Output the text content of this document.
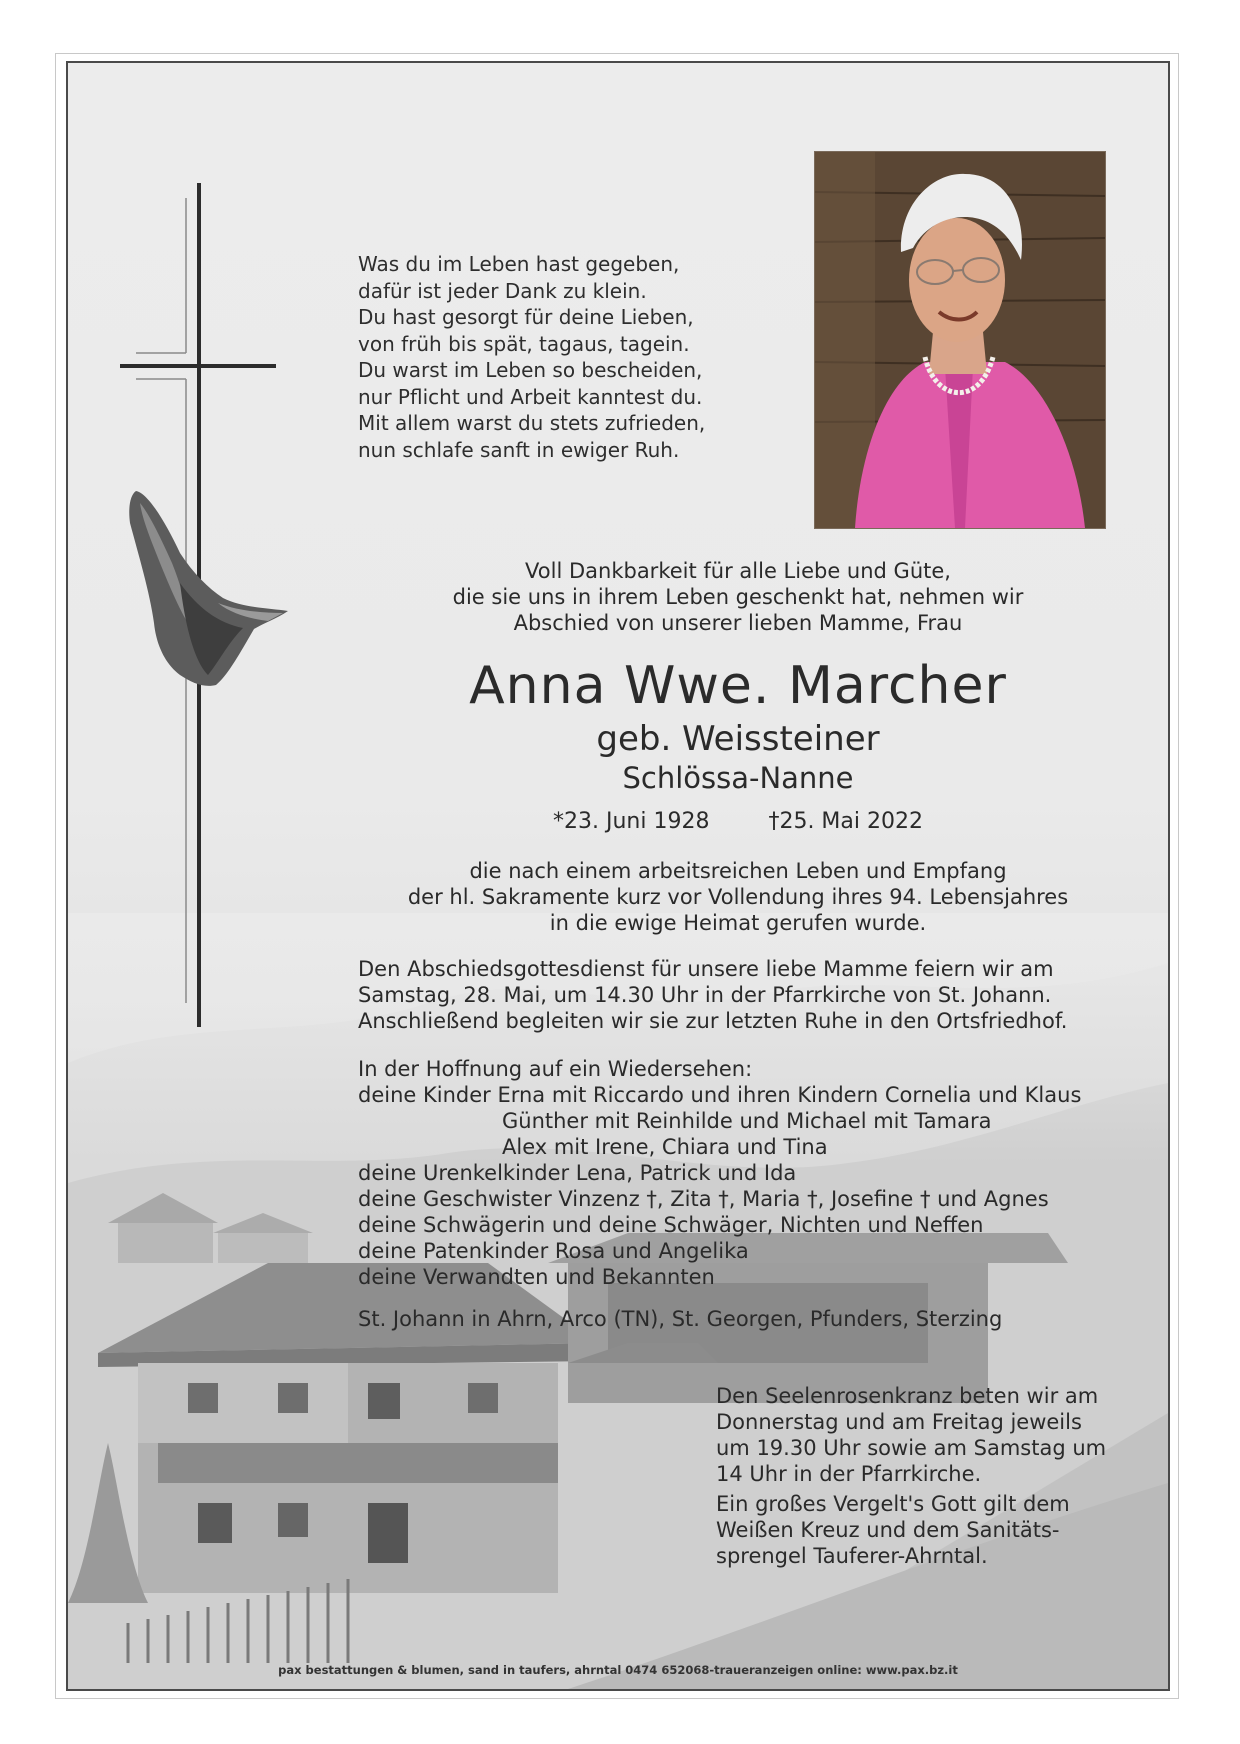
Was du im Leben hast gegeben,
dafür ist jeder Dank zu klein.
Du hast gesorgt für deine Lieben,
von früh bis spät, tagaus, tagein.
Du warst im Leben so bescheiden,
nur Pflicht und Arbeit kanntest du.
Mit allem warst du stets zufrieden,
nun schlafe sanft in ewiger Ruh.
Voll Dankbarkeit für alle Liebe und Güte,
die sie uns in ihrem Leben geschenkt hat, nehmen wir
Abschied von unserer lieben Mamme, Frau
Anna Wwe. Marcher
geb. Weissteiner
Schlössa-Nanne
*23. Juni 1928	†25. Mai 2022
die nach einem arbeitsreichen Leben und Empfang
der hl. Sakramente kurz vor Vollendung ihres 94. Lebensjahres
in die ewige Heimat gerufen wurde.
Den Abschiedsgottesdienst für unsere liebe Mamme feiern wir am
Samstag, 28. Mai, um 14.30 Uhr in der Pfarrkirche von St. Johann.
Anschließend begleiten wir sie zur letzten Ruhe in den Ortsfriedhof.
In der Hoffnung auf ein Wiedersehen:
deine Kinder Erna mit Riccardo und ihren Kindern Cornelia und Klaus
Günther mit Reinhilde und Michael mit Tamara
Alex mit Irene, Chiara und Tina
deine Urenkelkinder Lena, Patrick und Ida
deine Geschwister Vinzenz †, Zita †, Maria †, Josefine † und Agnes
deine Schwägerin und deine Schwäger, Nichten und Neffen
deine Patenkinder Rosa und Angelika
deine Verwandten und Bekannten
St. Johann in Ahrn, Arco (TN), St. Georgen, Pfunders, Sterzing
Den Seelenrosenkranz beten wir am
Donnerstag und am Freitag jeweils
um 19.30 Uhr sowie am Samstag um
14 Uhr in der Pfarrkirche.
Ein großes Vergelt's Gott gilt dem
Weißen Kreuz und dem Sanitäts-
sprengel Tauferer-Ahrntal.
pax bestattungen & blumen, sand in taufers, ahrntal 0474 652068-traueranzeigen online: www.pax.bz.it
